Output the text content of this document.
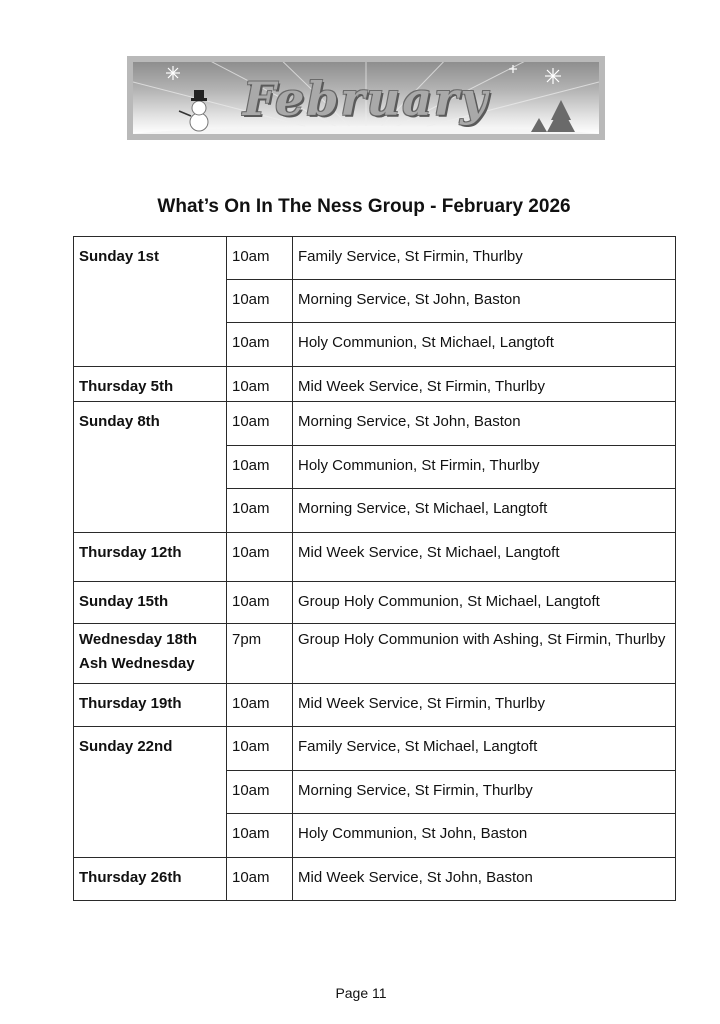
February
What’s On In The Ness Group - February 2026
Sunday 1st	10am	Family Service, St Firmin, Thurlby
	10am	Morning Service, St John, Baston
	10am	Holy Communion, St Michael, Langtoft
Thursday 5th	10am	Mid Week Service, St Firmin, Thurlby
Sunday 8th	10am	Morning Service, St John, Baston
	10am	Holy Communion, St Firmin, Thurlby
	10am	Morning Service, St Michael, Langtoft
Thursday 12th	10am	Mid Week Service, St Michael, Langtoft
Sunday 15th	10am	Group Holy Communion, St Michael, Langtoft
Wednesday 18th
Ash Wednesday	7pm	Group Holy Communion with Ashing, St Firmin, Thurlby
Thursday 19th	10am	Mid Week Service, St Firmin, Thurlby
Sunday 22nd	10am	Family Service, St Michael, Langtoft
	10am	Morning Service, St Firmin, Thurlby
	10am	Holy Communion, St John, Baston
Thursday 26th	10am	Mid Week Service, St John, Baston
Page 11
